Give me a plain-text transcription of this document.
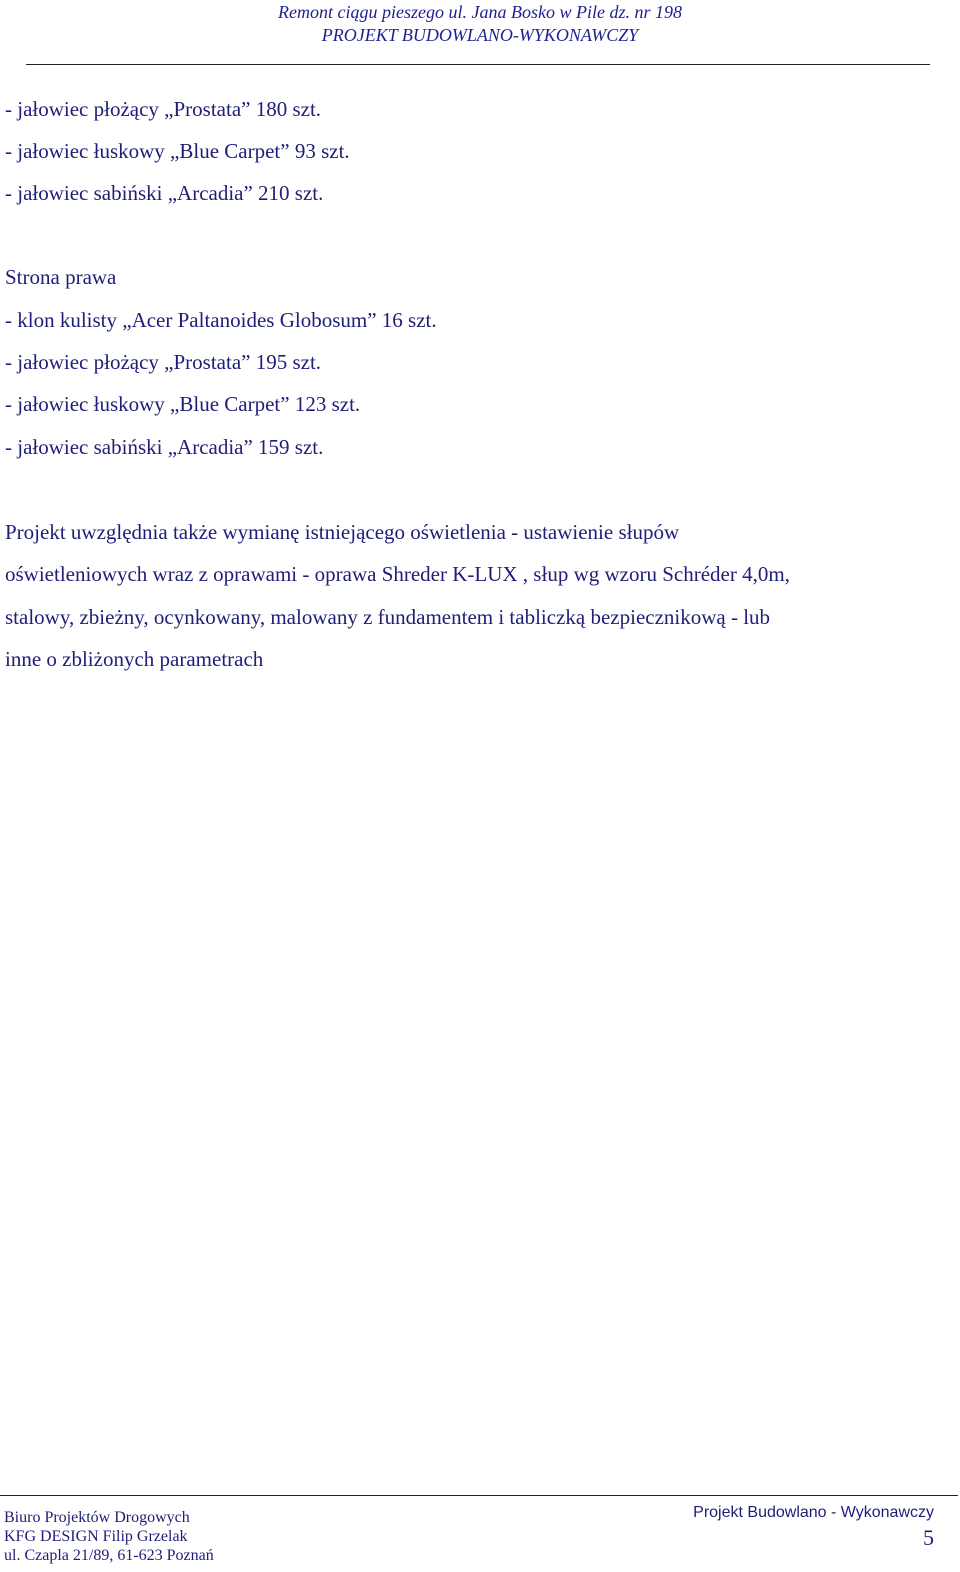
Remont ciągu pieszego ul. Jana Bosko w Pile dz. nr 198
PROJEKT BUDOWLANO-WYKONAWCZY
- jałowiec płożący „Prostata” 180 szt.
- jałowiec łuskowy „Blue Carpet” 93 szt.
- jałowiec sabiński „Arcadia” 210 szt.
Strona prawa
- klon kulisty „Acer Paltanoides Globosum” 16 szt.
- jałowiec płożący „Prostata” 195 szt.
- jałowiec łuskowy „Blue Carpet” 123 szt.
- jałowiec sabiński „Arcadia” 159 szt.
Projekt uwzględnia także wymianę istniejącego oświetlenia - ustawienie słupów
oświetleniowych wraz z oprawami - oprawa Shreder K-LUX , słup wg wzoru Schréder 4,0m,
stalowy, zbieżny, ocynkowany, malowany z fundamentem i tabliczką bezpiecznikową - lub
inne o zbliżonych parametrach
Biuro Projektów Drogowych
KFG DESIGN Filip Grzelak
ul. Czapla 21/89, 61-623 Poznań
Projekt Budowlano - Wykonawczy
5
